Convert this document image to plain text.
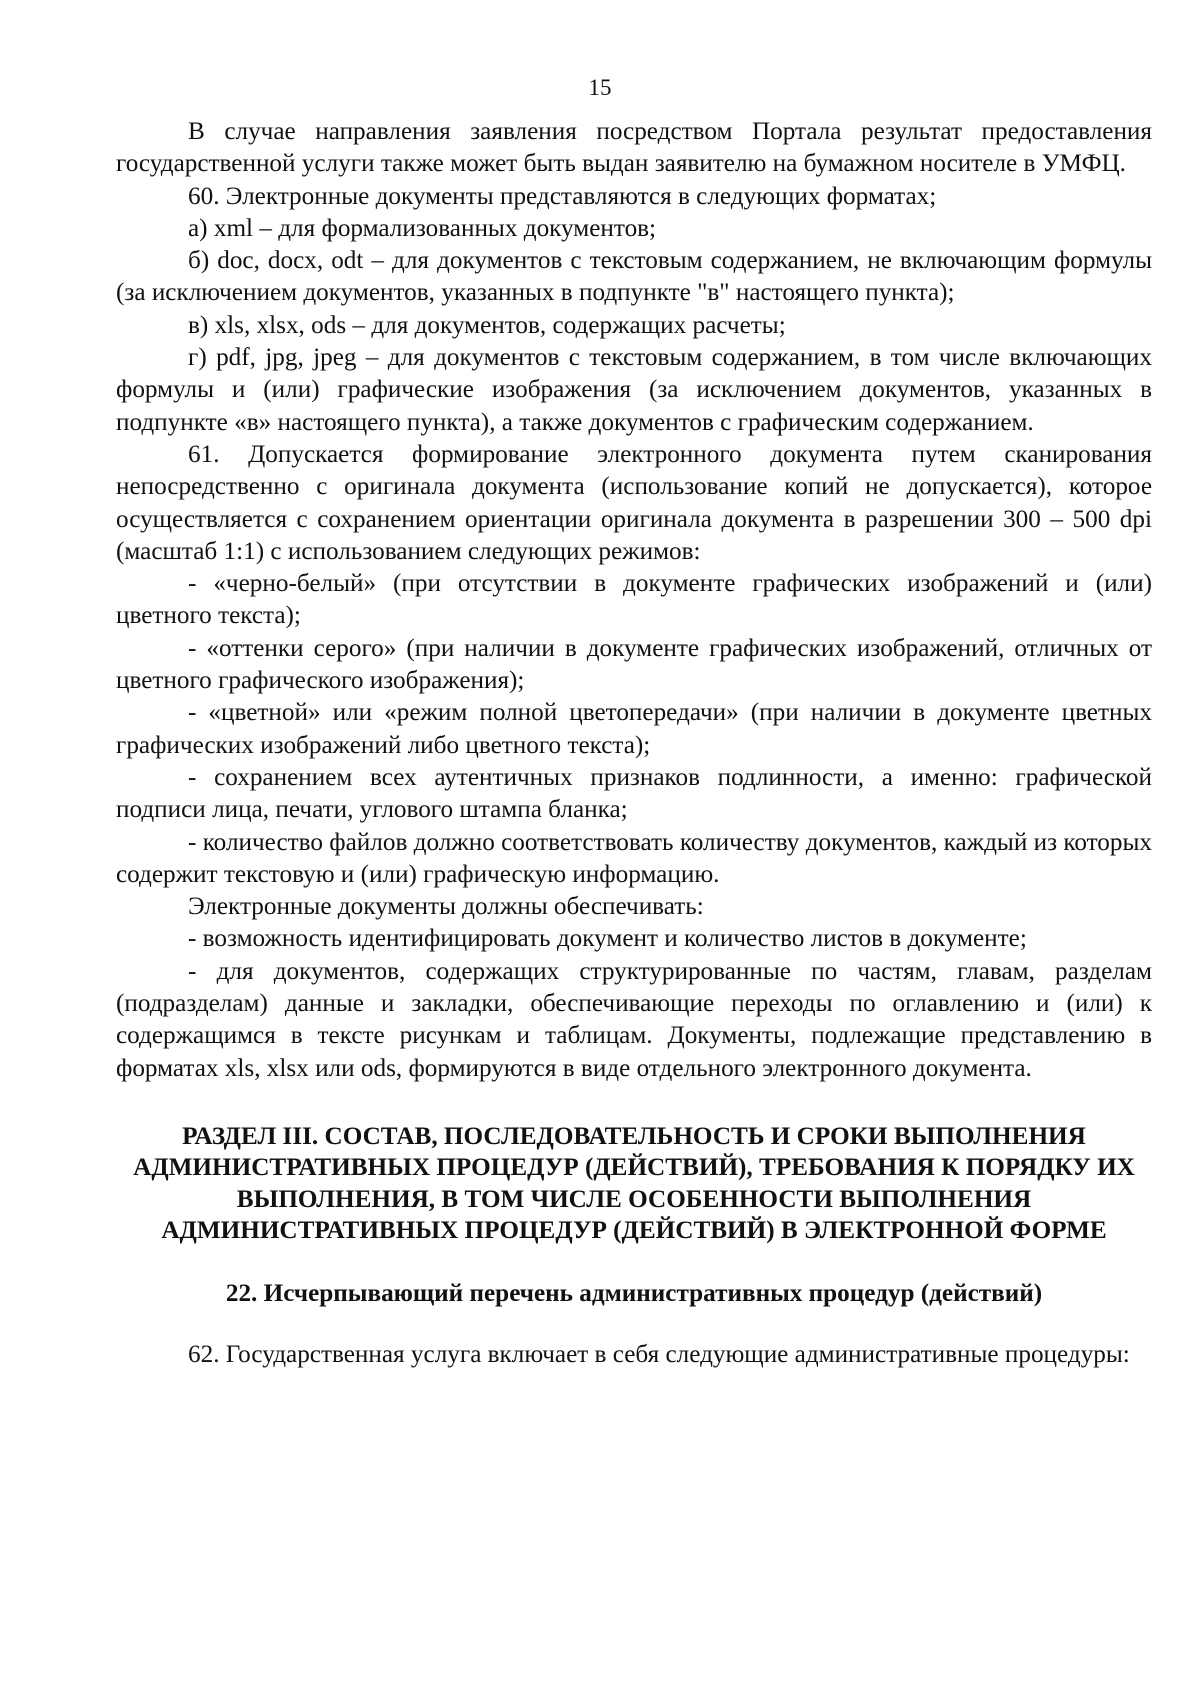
15

В случае направления заявления посредством Портала результат предоставления государственной услуги также может быть выдан заявителю на бумажном носителе в УМФЦ.

60. Электронные документы представляются в следующих форматах;

а) xml – для формализованных документов;

б) doc, docx, odt – для документов с текстовым содержанием, не включающим формулы (за исключением документов, указанных в подпункте "в" настоящего пункта);

в) xls, xlsx, ods – для документов, содержащих расчеты;

г) pdf, jpg, jpeg – для документов с текстовым содержанием, в том числе включающих формулы и (или) графические изображения (за исключением документов, указанных в подпункте «в» настоящего пункта), а также документов с графическим содержанием.

61. Допускается формирование электронного документа путем сканирования непосредственно с оригинала документа (использование копий не допускается), которое осуществляется с сохранением ориентации оригинала документа в разрешении 300 – 500 dpi (масштаб 1:1) с использованием следующих режимов:

- «черно-белый» (при отсутствии в документе графических изображений и (или) цветного текста);

- «оттенки серого» (при наличии в документе графических изображений, отличных от цветного графического изображения);

- «цветной» или «режим полной цветопередачи» (при наличии в документе цветных графических изображений либо цветного текста);

- сохранением всех аутентичных признаков подлинности, а именно: графической подписи лица, печати, углового штампа бланка;

- количество файлов должно соответствовать количеству документов, каждый из которых содержит текстовую и (или) графическую информацию.

Электронные документы должны обеспечивать:

- возможность идентифицировать документ и количество листов в документе;

- для документов, содержащих структурированные по частям, главам, разделам (подразделам) данные и закладки, обеспечивающие переходы по оглавлению и (или) к содержащимся в тексте рисункам и таблицам. Документы, подлежащие представлению в форматах xls, xlsx или ods, формируются в виде отдельного электронного документа.

РАЗДЕЛ III. СОСТАВ, ПОСЛЕДОВАТЕЛЬНОСТЬ И СРОКИ ВЫПОЛНЕНИЯ АДМИНИСТРАТИВНЫХ ПРОЦЕДУР (ДЕЙСТВИЙ), ТРЕБОВАНИЯ К ПОРЯДКУ ИХ ВЫПОЛНЕНИЯ, В ТОМ ЧИСЛЕ ОСОБЕННОСТИ ВЫПОЛНЕНИЯ АДМИНИСТРАТИВНЫХ ПРОЦЕДУР (ДЕЙСТВИЙ) В ЭЛЕКТРОННОЙ ФОРМЕ
22. Исчерпывающий перечень административных процедур (действий)

62. Государственная услуга включает в себя следующие административные процедуры:
